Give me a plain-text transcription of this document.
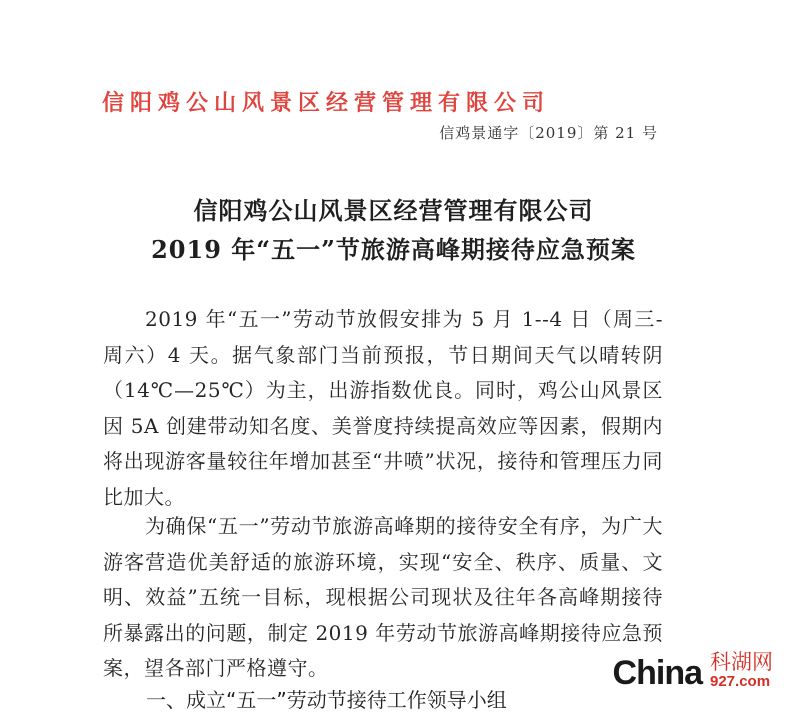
信阳鸡公山风景区经营管理有限公司
信鸡景通字〔2019〕第 21 号
信阳鸡公山风景区经营管理有限公司
2019 年“五一”节旅游高峰期接待应急预案
2019 年“五一”劳动节放假安排为 5 月 1--4 日（周三-周六）4 天。据气象部门当前预报，节日期间天气以晴转阴（14℃—25℃）为主，出游指数优良。同时，鸡公山风景区因 5A 创建带动知名度、美誉度持续提高效应等因素，假期内将出现游客量较往年增加甚至“井喷”状况，接待和管理压力同比加大。
为确保“五一”劳动节旅游高峰期的接待安全有序，为广大游客营造优美舒适的旅游环境，实现“安全、秩序、质量、文明、效益”五统一目标，现根据公司现状及往年各高峰期接待所暴露出的问题，制定 2019 年劳动节旅游高峰期接待应急预案，望各部门严格遵守。
一、成立“五一”劳动节接待工作领导小组
China 科湖网
927.com
